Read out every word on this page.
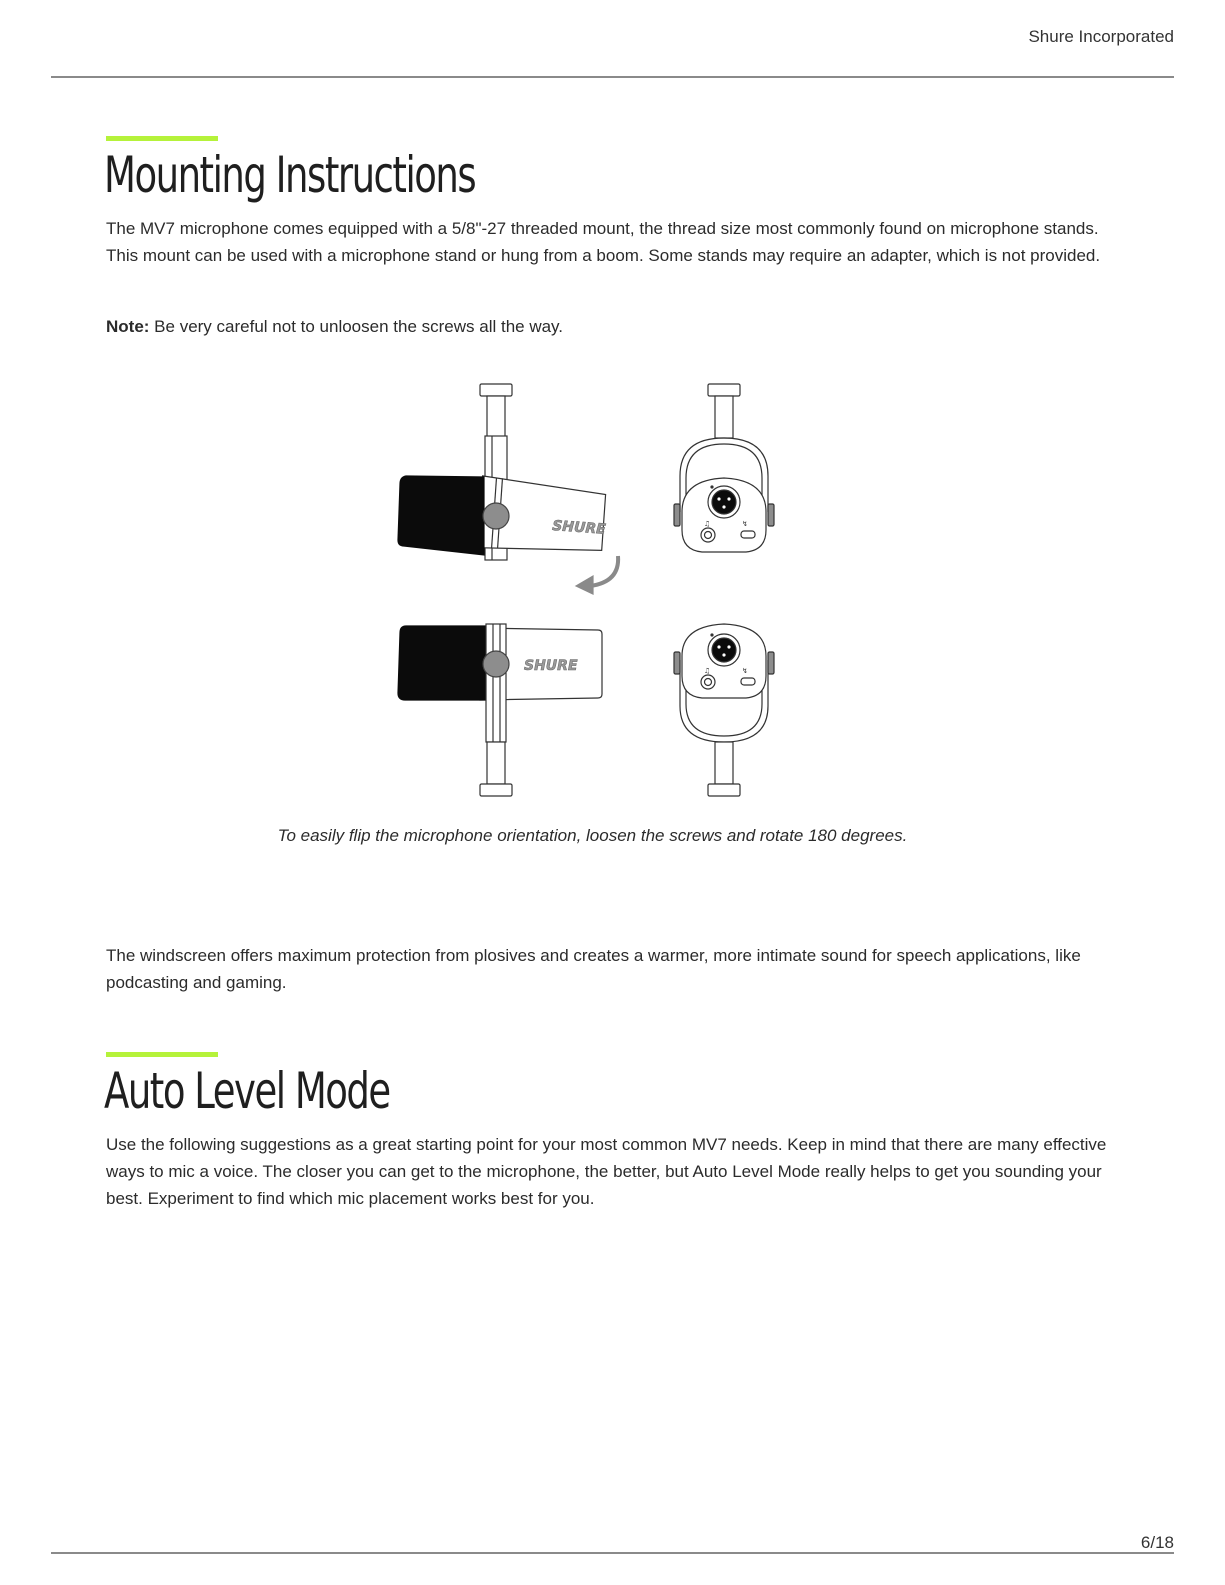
Shure Incorporated
Mounting Instructions

The MV7 microphone comes equipped with a 5/8"-27 threaded mount, the thread size most commonly found on microphone stands. This mount can be used with a microphone stand or hung from a boom. Some stands may require an adapter, which is not provided.

Note: Be very careful not to unloosen the screws all the way.

SHURE
SHURE
♫	↯
♫	↯
To easily flip the microphone orientation, loosen the screws and rotate 180 degrees.

The windscreen offers maximum protection from plosives and creates a warmer, more intimate sound for speech applications, like podcasting and gaming.

Auto Level Mode

Use the following suggestions as a great starting point for your most common MV7 needs. Keep in mind that there are many effective ways to mic a voice. The closer you can get to the microphone, the better, but Auto Level Mode really helps to get you sounding your best. Experiment to find which mic placement works best for you.

6/18
